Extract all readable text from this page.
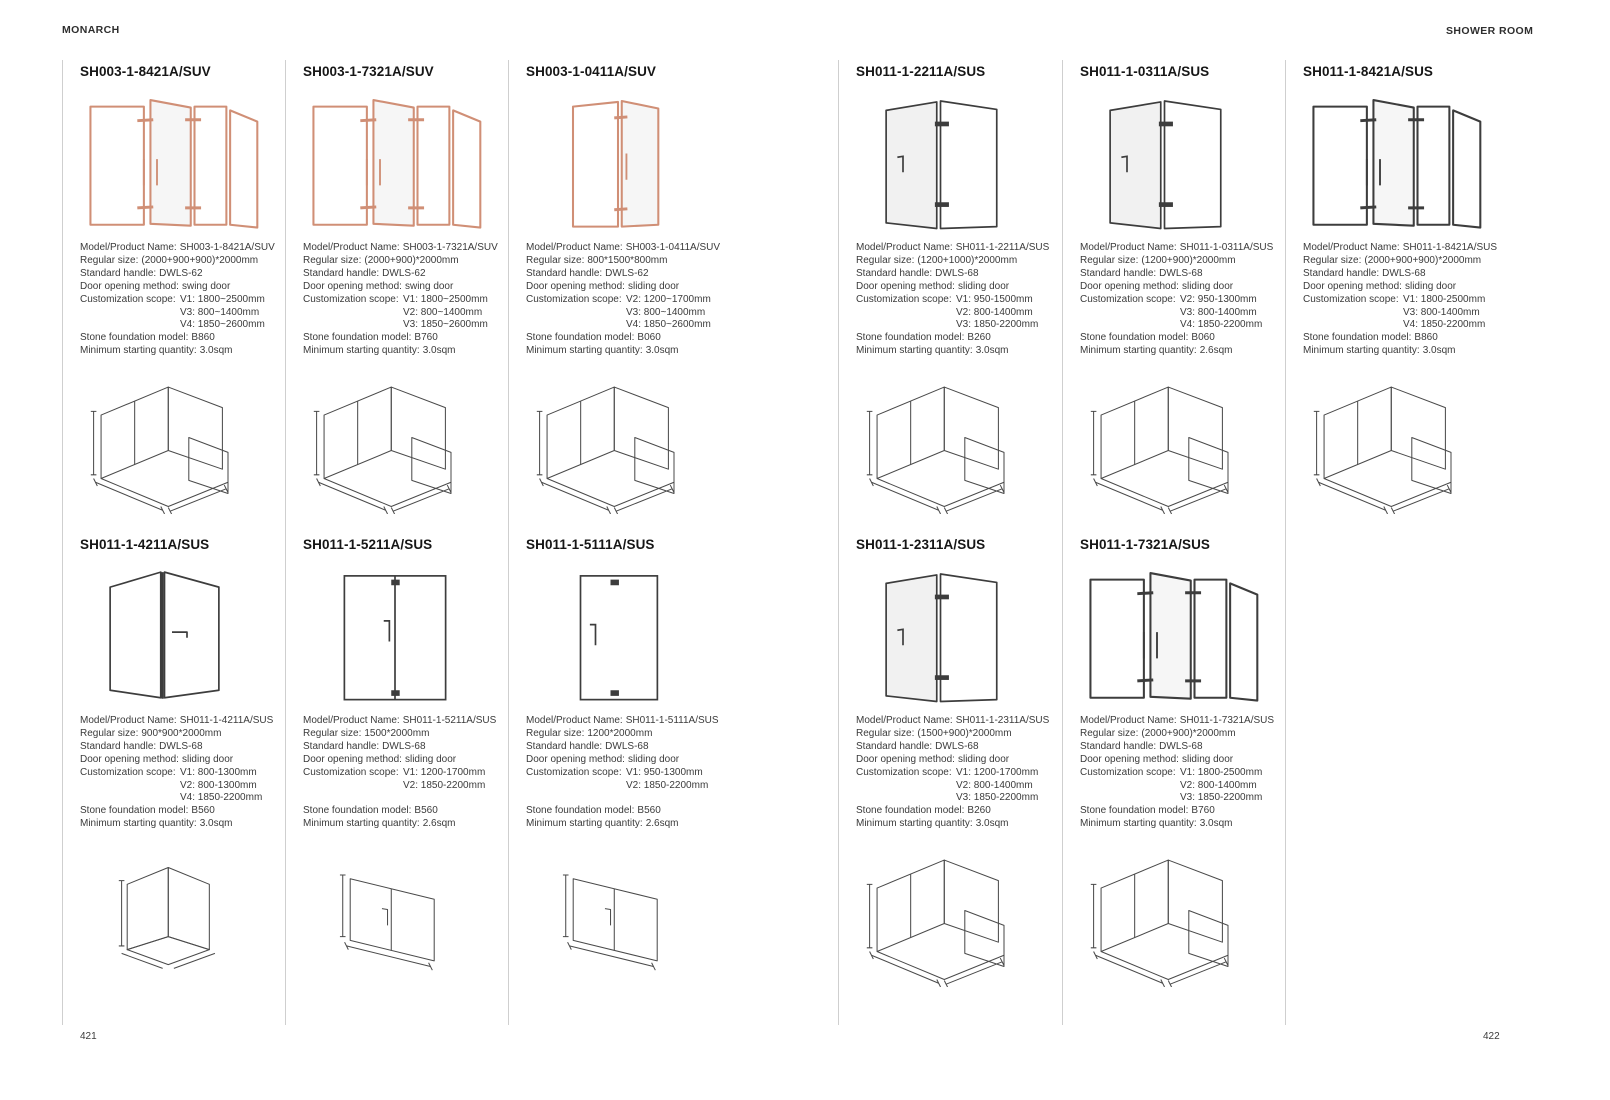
MONARCH	SHOWER ROOM
421	422
SH003-1-8421A/SUV
Model/Product Name: SH003-1-8421A/SUV
Regular size: (2000+900+900)*2000mm
Standard handle: DWLS-62
Door opening method: swing door
Customization scope: V1: 1800~2500mm
V3: 800~1400mm
V4: 1850~2600mm
Stone foundation model: B860
Minimum starting quantity: 3.0sqm
SH003-1-7321A/SUV
Model/Product Name: SH003-1-7321A/SUV
Regular size: (2000+900)*2000mm
Standard handle: DWLS-62
Door opening method: swing door
Customization scope: V1: 1800~2500mm
V2: 800~1400mm
V3: 1850~2600mm
Stone foundation model: B760
Minimum starting quantity: 3.0sqm
SH003-1-0411A/SUV
Model/Product Name: SH003-1-0411A/SUV
Regular size: 800*1500*800mm
Standard handle: DWLS-62
Door opening method: sliding door
Customization scope: V2: 1200~1700mm
V3: 800~1400mm
V4: 1850~2600mm
Stone foundation model: B060
Minimum starting quantity: 3.0sqm
SH011-1-2211A/SUS
Model/Product Name: SH011-1-2211A/SUS
Regular size: (1200+1000)*2000mm
Standard handle: DWLS-68
Door opening method: sliding door
Customization scope: V1: 950-1500mm
V2: 800-1400mm
V3: 1850-2200mm
Stone foundation model: B260
Minimum starting quantity: 3.0sqm
SH011-1-0311A/SUS
Model/Product Name: SH011-1-0311A/SUS
Regular size: (1200+900)*2000mm
Standard handle: DWLS-68
Door opening method: sliding door
Customization scope: V2: 950-1300mm
V3: 800-1400mm
V4: 1850-2200mm
Stone foundation model: B060
Minimum starting quantity: 2.6sqm
SH011-1-8421A/SUS
Model/Product Name: SH011-1-8421A/SUS
Regular size: (2000+900+900)*2000mm
Standard handle: DWLS-68
Door opening method: sliding door
Customization scope: V1: 1800-2500mm
V3: 800-1400mm
V4: 1850-2200mm
Stone foundation model: B860
Minimum starting quantity: 3.0sqm
SH011-1-4211A/SUS
Model/Product Name: SH011-1-4211A/SUS
Regular size: 900*900*2000mm
Standard handle: DWLS-68
Door opening method: sliding door
Customization scope: V1: 800-1300mm
V2: 800-1300mm
V4: 1850-2200mm
Stone foundation model: B560
Minimum starting quantity: 3.0sqm
SH011-1-5211A/SUS
Model/Product Name: SH011-1-5211A/SUS
Regular size: 1500*2000mm
Standard handle: DWLS-68
Door opening method: sliding door
Customization scope: V1: 1200-1700mm
V2: 1850-2200mm
Stone foundation model: B560
Minimum starting quantity: 2.6sqm
SH011-1-5111A/SUS
Model/Product Name: SH011-1-5111A/SUS
Regular size: 1200*2000mm
Standard handle: DWLS-68
Door opening method: sliding door
Customization scope: V1: 950-1300mm
V2: 1850-2200mm
Stone foundation model: B560
Minimum starting quantity: 2.6sqm
SH011-1-2311A/SUS
Model/Product Name: SH011-1-2311A/SUS
Regular size: (1500+900)*2000mm
Standard handle: DWLS-68
Door opening method: sliding door
Customization scope: V1: 1200-1700mm
V2: 800-1400mm
V3: 1850-2200mm
Stone foundation model: B260
Minimum starting quantity: 3.0sqm
SH011-1-7321A/SUS
Model/Product Name: SH011-1-7321A/SUS
Regular size: (2000+900)*2000mm
Standard handle: DWLS-68
Door opening method: sliding door
Customization scope: V1: 1800-2500mm
V2: 800-1400mm
V3: 1850-2200mm
Stone foundation model: B760
Minimum starting quantity: 3.0sqm
